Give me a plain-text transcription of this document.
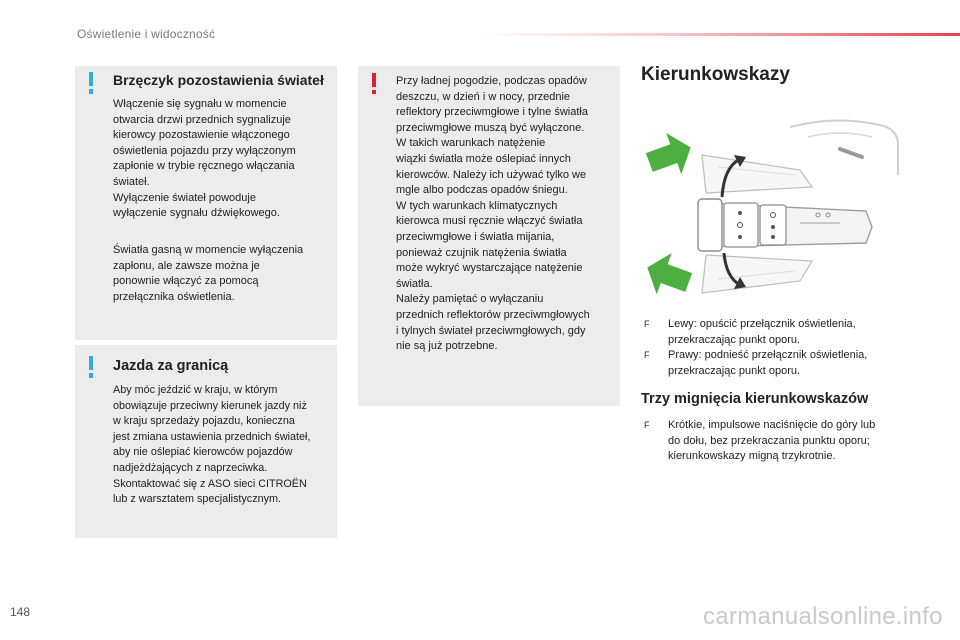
Oświetlenie i widoczność
Brzęczyk pozostawienia świateł
Włączenie się sygnału w momencie
otwarcia drzwi przednich sygnalizuje
kierowcy pozostawienie włączonego
oświetlenia pojazdu przy wyłączonym
zapłonie w trybie ręcznego włączania
świateł.
Wyłączenie świateł powoduje
wyłączenie sygnału dźwiękowego.
Światła gasną w momencie wyłączenia
zapłonu, ale zawsze można je
ponownie włączyć za pomocą
przełącznika oświetlenia.
Jazda za granicą
Aby móc jeździć w kraju, w którym
obowiązuje przeciwny kierunek jazdy niż
w kraju sprzedaży pojazdu, konieczna
jest zmiana ustawienia przednich świateł,
aby nie oślepiać kierowców pojazdów
nadjeżdżających z naprzeciwka.
Skontaktować się z ASO sieci CITROËN
lub z warsztatem specjalistycznym.
Przy ładnej pogodzie, podczas opadów
deszczu, w dzień i w nocy, przednie
reflektory przeciwmgłowe i tylne światła
przeciwmgłowe muszą być wyłączone.
W takich warunkach natężenie
wiązki światła może oślepiać innych
kierowców. Należy ich używać tylko we
mgle albo podczas opadów śniegu.
W tych warunkach klimatycznych
kierowca musi ręcznie włączyć światła
przeciwmgłowe i światła mijania,
ponieważ czujnik natężenia światła
może wykryć wystarczające natężenie
światła.
Należy pamiętać o wyłączaniu
przednich reflektorów przeciwmgłowych
i tylnych świateł przeciwmgłowych, gdy
nie są już potrzebne.
Kierunkowskazy
F Lewy: opuścić przełącznik oświetlenia,
przekraczając punkt oporu.
F Prawy: podnieść przełącznik oświetlenia,
przekraczając punkt oporu.
Trzy mignięcia kierunkowskazów
F Krótkie, impulsowe naciśnięcie do góry lub
do dołu, bez przekraczania punktu oporu;
kierunkowskazy migną trzykrotnie.
148	carmanualsonline.info
